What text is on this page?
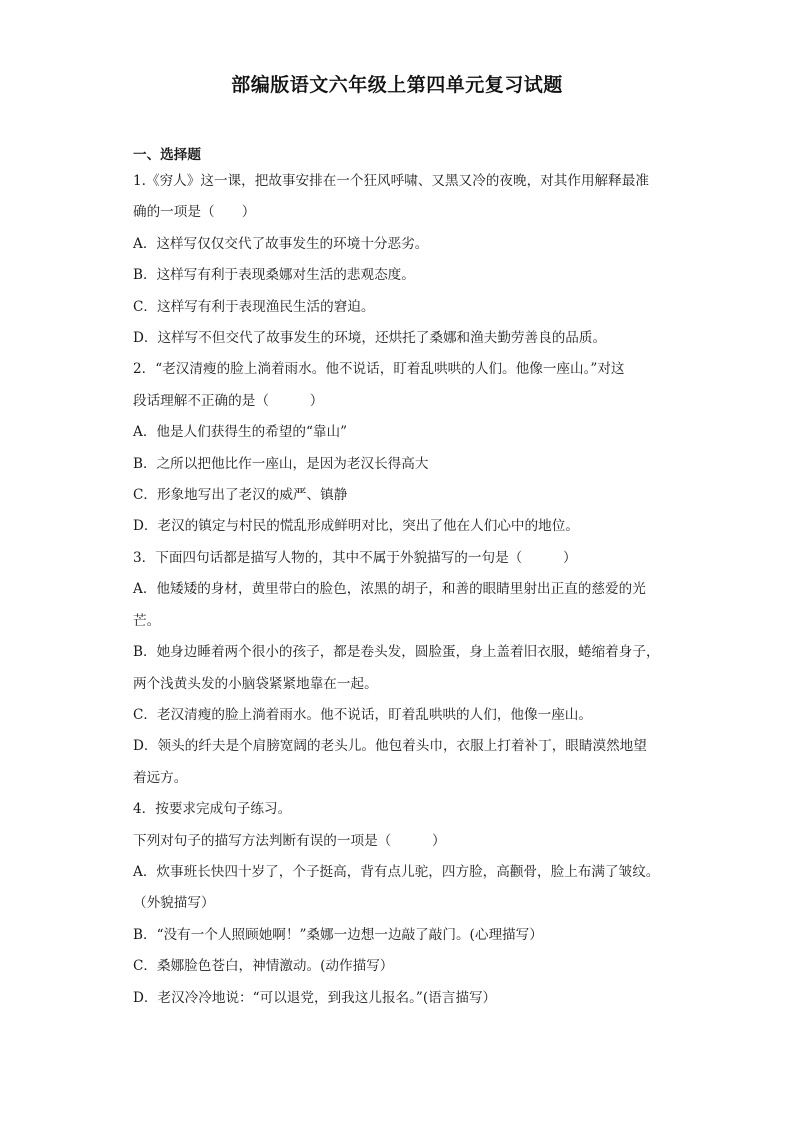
部编版语文六年级上第四单元复习试题
一、选择题
1.《穷人》这一课，把故事安排在一个狂风呼啸、又黑又冷的夜晚，对其作用解释最准
确的一项是（　　）
A．这样写仅仅交代了故事发生的环境十分恶劣。
B．这样写有利于表现桑娜对生活的悲观态度。
C．这样写有利于表现渔民生活的窘迫。
D．这样写不但交代了故事发生的环境，还烘托了桑娜和渔夫勤劳善良的品质。
2．“老汉清瘦的脸上淌着雨水。他不说话，盯着乱哄哄的人们。他像一座山。”对这
段话理解不正确的是（　　　）
A．他是人们获得生的希望的“靠山”
B．之所以把他比作一座山，是因为老汉长得高大
C．形象地写出了老汉的威严、镇静
D．老汉的镇定与村民的慌乱形成鲜明对比，突出了他在人们心中的地位。
3．下面四句话都是描写人物的，其中不属于外貌描写的一句是（　　　）
A．他矮矮的身材，黄里带白的脸色，浓黑的胡子，和善的眼睛里射出正直的慈爱的光
芒。
B．她身边睡着两个很小的孩子，都是卷头发，圆脸蛋，身上盖着旧衣服，蜷缩着身子，
两个浅黄头发的小脑袋紧紧地靠在一起。
C．老汉清瘦的脸上淌着雨水。他不说话，盯着乱哄哄的人们，他像一座山。
D．领头的纤夫是个肩膀宽阔的老头儿。他包着头巾，衣服上打着补丁，眼睛漠然地望
着远方。
4．按要求完成句子练习。
下列对句子的描写方法判断有误的一项是（　　　）
A．炊事班长快四十岁了，个子挺高，背有点儿驼，四方脸，高颧骨，脸上布满了皱纹。
（外貌描写）
B．“没有一个人照顾她啊！”桑娜一边想一边敲了敲门。(心理描写）
C．桑娜脸色苍白，神情激动。(动作描写）
D．老汉冷冷地说：“可以退党，到我这儿报名。”(语言描写）
